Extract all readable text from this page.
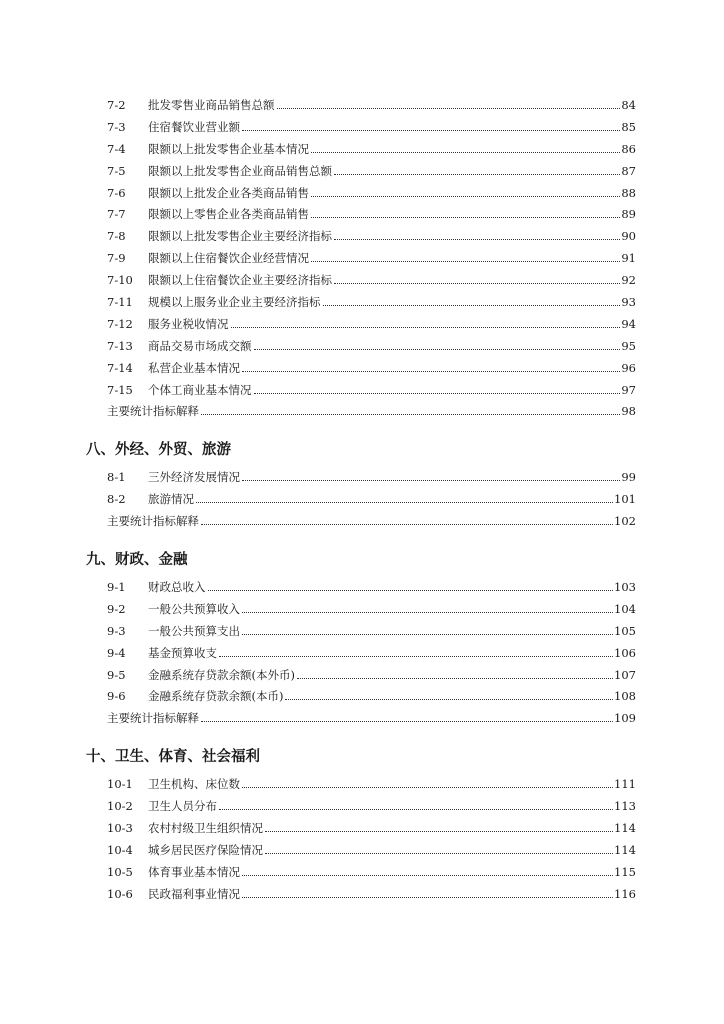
7-2	批发零售业商品销售总额	84
7-3	住宿餐饮业营业额	85
7-4	限额以上批发零售企业基本情况	86
7-5	限额以上批发零售企业商品销售总额	87
7-6	限额以上批发企业各类商品销售	88
7-7	限额以上零售企业各类商品销售	89
7-8	限额以上批发零售企业主要经济指标	90
7-9	限额以上住宿餐饮企业经营情况	91
7-10	限额以上住宿餐饮企业主要经济指标	92
7-11	规模以上服务业企业主要经济指标	93
7-12	服务业税收情况	94
7-13	商品交易市场成交额	95
7-14	私营企业基本情况	96
7-15	个体工商业基本情况	97
主要统计指标解释	98
八、外经、外贸、旅游
8-1	三外经济发展情况	99
8-2	旅游情况	101
主要统计指标解释	102
九、财政、金融
9-1	财政总收入	103
9-2	一般公共预算收入	104
9-3	一般公共预算支出	105
9-4	基金预算收支	106
9-5	金融系统存贷款余额(本外币)	107
9-6	金融系统存贷款余额(本币)	108
主要统计指标解释	109
十、卫生、体育、社会福利
10-1	卫生机构、床位数	111
10-2	卫生人员分布	113
10-3	农村村级卫生组织情况	114
10-4	城乡居民医疗保险情况	114
10-5	体育事业基本情况	115
10-6	民政福利事业情况	116
